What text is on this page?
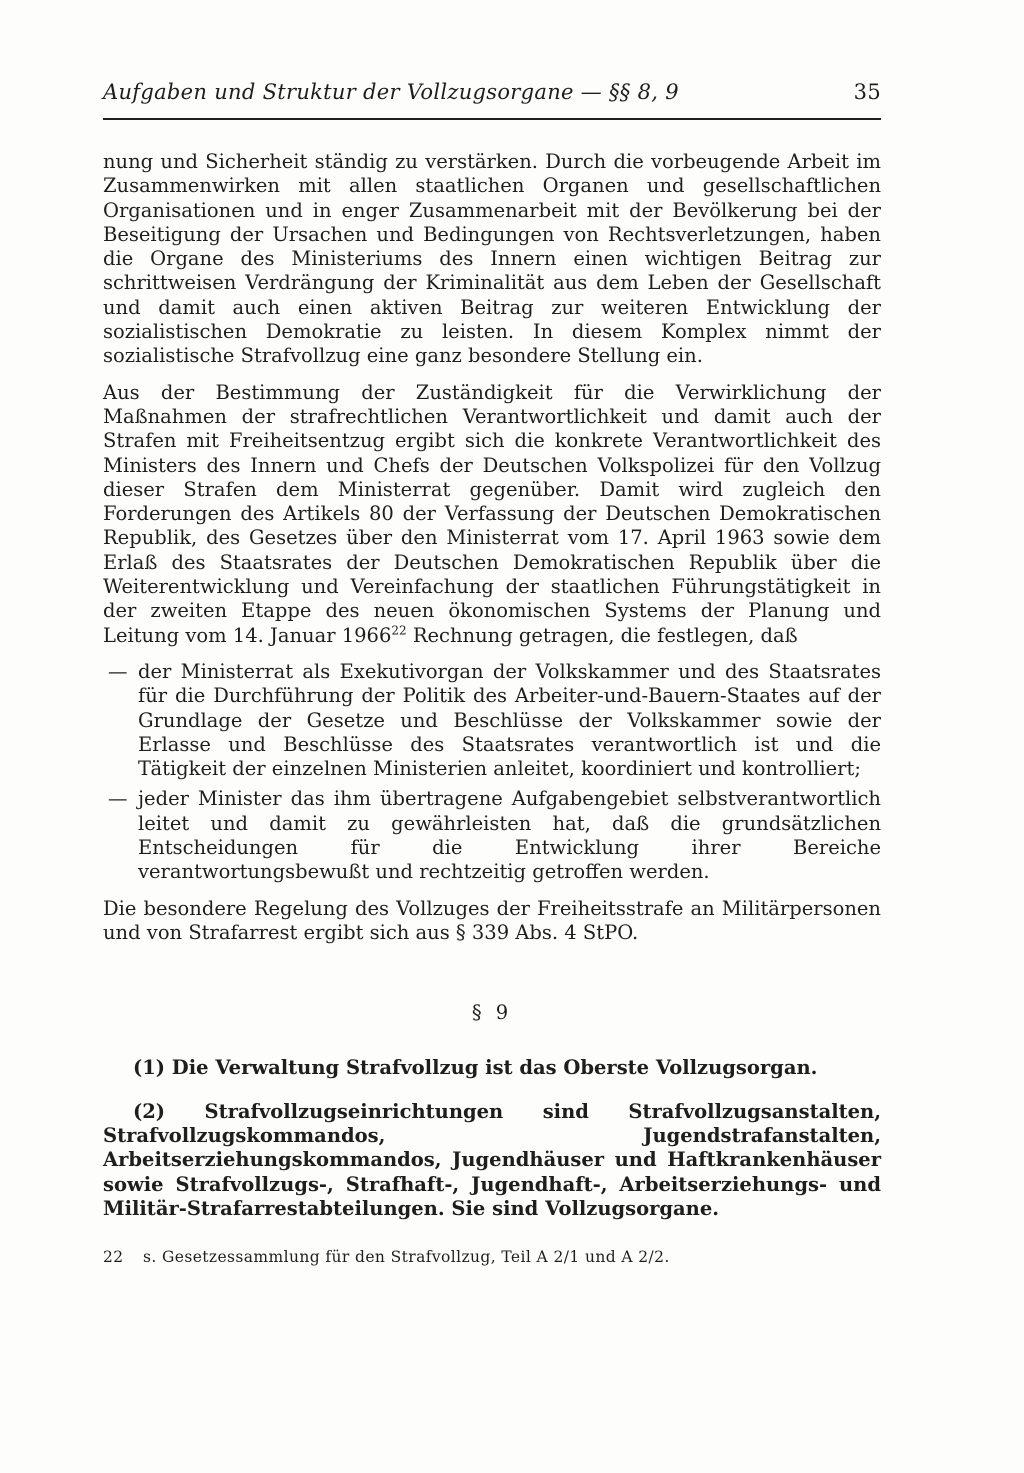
Aufgaben und Struktur der Vollzugsorgane — §§ 8, 9	35

nung und Sicherheit ständig zu verstärken. Durch die vorbeugende Arbeit im Zusammenwirken mit allen staatlichen Organen und gesellschaftlichen Organisationen und in enger Zusammenarbeit mit der Bevölkerung bei der Beseitigung der Ursachen und Bedingungen von Rechtsverletzungen, haben die Organe des Ministeriums des Innern einen wichtigen Beitrag zur schrittweisen Verdrängung der Kriminalität aus dem Leben der Gesellschaft und damit auch einen aktiven Beitrag zur weiteren Entwicklung der sozialistischen Demokratie zu leisten. In diesem Komplex nimmt der sozialistische Strafvollzug eine ganz besondere Stellung ein.

Aus der Bestimmung der Zuständigkeit für die Verwirklichung der Maßnahmen der strafrechtlichen Verantwortlichkeit und damit auch der Strafen mit Freiheitsentzug ergibt sich die konkrete Verantwortlichkeit des Ministers des Innern und Chefs der Deutschen Volkspolizei für den Vollzug dieser Strafen dem Ministerrat gegenüber. Damit wird zugleich den Forderungen des Artikels 80 der Verfassung der Deutschen Demokratischen Republik, des Gesetzes über den Ministerrat vom 17. April 1963 sowie dem Erlaß des Staatsrates der Deutschen Demokratischen Republik über die Weiterentwicklung und Vereinfachung der staatlichen Führungstätigkeit in der zweiten Etappe des neuen ökonomischen Systems der Planung und Leitung vom 14. Januar 1966$^{22}$ Rechnung getragen, die festlegen, daß

— der Ministerrat als Exekutivorgan der Volkskammer und des Staatsrates für die Durchführung der Politik des Arbeiter-und-Bauern-Staates auf der Grundlage der Gesetze und Beschlüsse der Volkskammer sowie der Erlasse und Beschlüsse des Staatsrates verantwortlich ist und die Tätigkeit der einzelnen Ministerien anleitet, koordiniert und kontrolliert;
— jeder Minister das ihm übertragene Aufgabengebiet selbstverantwortlich leitet und damit zu gewährleisten hat, daß die grundsätzlichen Entscheidungen für die Entwicklung ihrer Bereiche verantwortungsbewußt und rechtzeitig getroffen werden.

Die besondere Regelung des Vollzuges der Freiheitsstrafe an Militärpersonen und von Strafarrest ergibt sich aus § 339 Abs. 4 StPO.

§ 9

(1) Die Verwaltung Strafvollzug ist das Oberste Vollzugsorgan.

(2) Strafvollzugseinrichtungen sind Strafvollzugsanstalten, Strafvollzugskommandos, Jugendstrafanstalten, Arbeitserziehungskommandos, Jugendhäuser und Haftkrankenhäuser sowie Strafvollzugs-, Strafhaft-, Jugendhaft-, Arbeitserziehungs- und Militär-Strafarrestabteilungen. Sie sind Vollzugsorgane.

22 s. Gesetzessammlung für den Strafvollzug, Teil A 2/1 und A 2/2.
